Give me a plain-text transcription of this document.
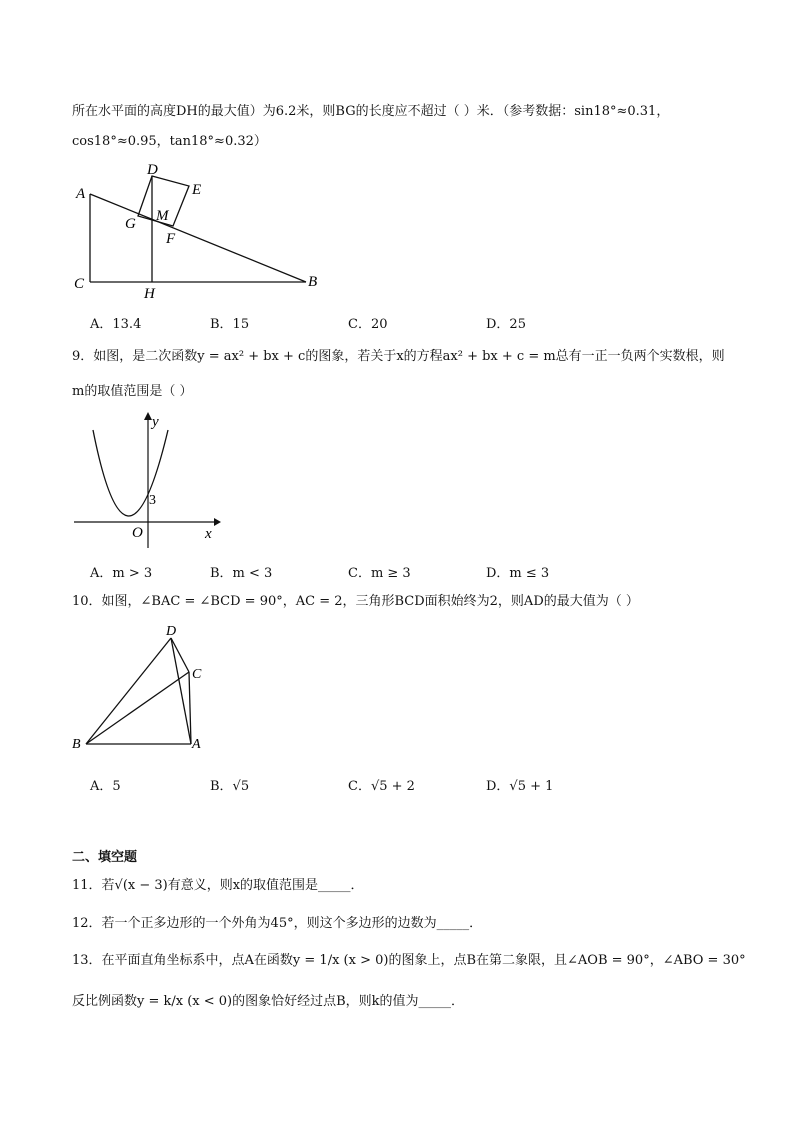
所在水平面的高度DH的最大值）为6.2米，则BG的长度应不超过（ ）米．（参考数据：sin18°≈0.31，
cos18°≈0.95，tan18°≈0.32）
A
C
H
B
D
E
M
G
F
A．13.4	B．15	C．20	D．25
9．如图，是二次函数y = ax² + bx + c的图象，若关于x的方程ax² + bx + c = m总有一正一负两个实数根，则
m的取值范围是（ ）
y
x
O
3
A．m > 3	B．m < 3	C．m ≥ 3	D．m ≤ 3
10．如图，∠BAC = ∠BCD = 90°，AC = 2，三角形BCD面积始终为2，则AD的最大值为（ ）
D
C
B	A
A．5	B．√5	C．√5 + 2	D．√5 + 1
二、填空题
11．若√(x − 3)有意义，则x的取值范围是_____．
12．若一个正多边形的一个外角为45°，则这个多边形的边数为_____．
13．在平面直角坐标系中，点A在函数y = 1/x (x > 0)的图象上，点B在第二象限，且∠AOB = 90°，∠ABO = 30°
反比例函数y = k/x (x < 0)的图象恰好经过点B，则k的值为_____．
